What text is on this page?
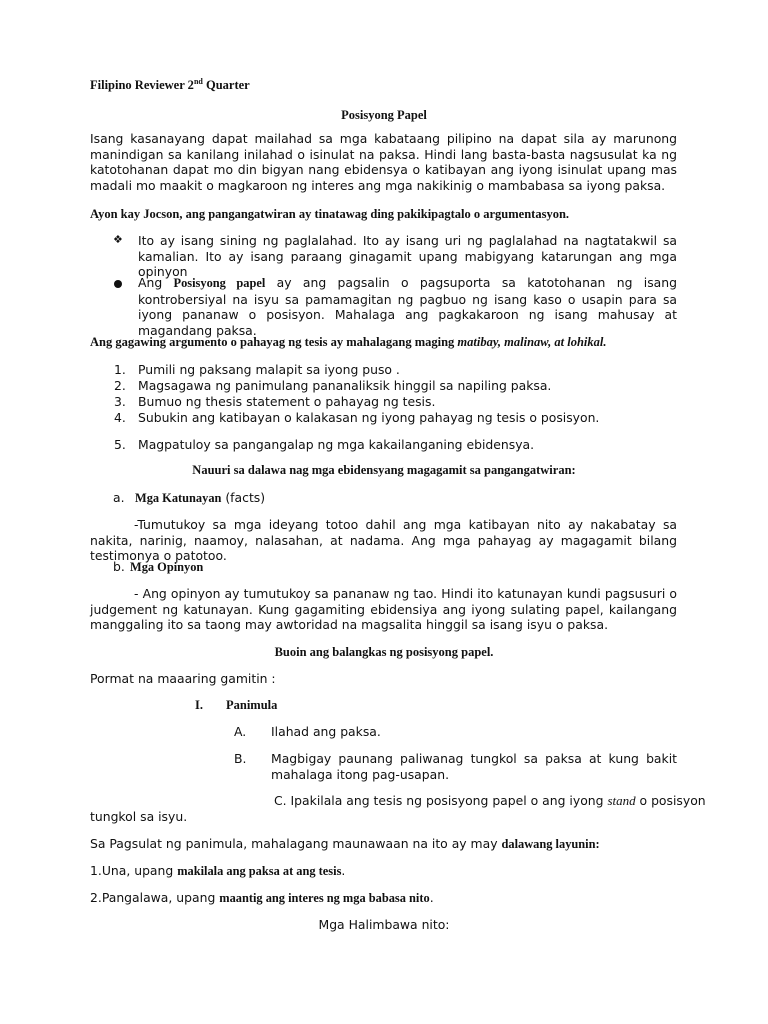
Filipino Reviewer 2nd Quarter
Posisyong Papel
Isang kasanayang dapat mailahad sa mga kabataang pilipino na dapat sila ay marunong manindigan sa kanilang inilahad o isinulat na paksa. Hindi lang basta-basta nagsusulat ka ng katotohanan dapat mo din bigyan nang ebidensya o katibayan ang iyong isinulat upang mas madali mo maakit o magkaroon ng interes ang mga nakikinig o mambabasa sa iyong paksa.
Ayon kay Jocson, ang pangangatwiran ay tinatawag ding pakikipagtalo o argumentasyon.
❖ Ito ay isang sining ng paglalahad. Ito ay isang uri ng paglalahad na nagtatakwil sa kamalian. Ito ay isang paraang ginagamit upang mabigyang katarungan ang mga opinyon
Ang Posisyong papel ay ang pagsalin o pagsuporta sa katotohanan ng isang kontrobersiyal na isyu sa pamamagitan ng pagbuo ng isang kaso o usapin para sa iyong pananaw o posisyon. Mahalaga ang pagkakaroon ng isang mahusay at magandang paksa.
Ang gagawing argumento o pahayag ng tesis ay mahalagang maging matibay, malinaw, at lohikal.
1. Pumili ng paksang malapit sa iyong puso .
2. Magsagawa ng panimulang pananaliksik hinggil sa napiling paksa.
3. Bumuo ng thesis statement o pahayag ng tesis.
4. Subukin ang katibayan o kalakasan ng iyong pahayag ng tesis o posisyon.
5. Magpatuloy sa pangangalap ng mga kakailanganing ebidensya.
Nauuri sa dalawa nag mga ebidensyang magagamit sa pangangatwiran:
a. Mga Katunayan (facts)
-Tumutukoy sa mga ideyang totoo dahil ang mga katibayan nito ay nakabatay sa nakita, narinig, naamoy, nalasahan, at nadama. Ang mga pahayag ay magagamit bilang testimonya o patotoo.
b. Mga Opinyon
- Ang opinyon ay tumutukoy sa pananaw ng tao. Hindi ito katunayan kundi pagsusuri o judgement ng katunayan. Kung gagamiting ebidensiya ang iyong sulating papel, kailangang manggaling ito sa taong may awtoridad na magsalita hinggil sa isang isyu o paksa.
Buoin ang balangkas ng posisyong papel.
Pormat na maaaring gamitin :
I. Panimula
A. Ilahad ang paksa.
B. Magbigay paunang paliwanag tungkol sa paksa at kung bakit mahalaga itong pag-usapan.
C. Ipakilala ang tesis ng posisyong papel o ang iyong stand o posisyon
tungkol sa isyu.
Sa Pagsulat ng panimula, mahalagang maunawaan na ito ay may dalawang layunin:
1.Una, upang makilala ang paksa at ang tesis.
2.Pangalawa, upang maantig ang interes ng mga babasa nito.
Mga Halimbawa nito:
